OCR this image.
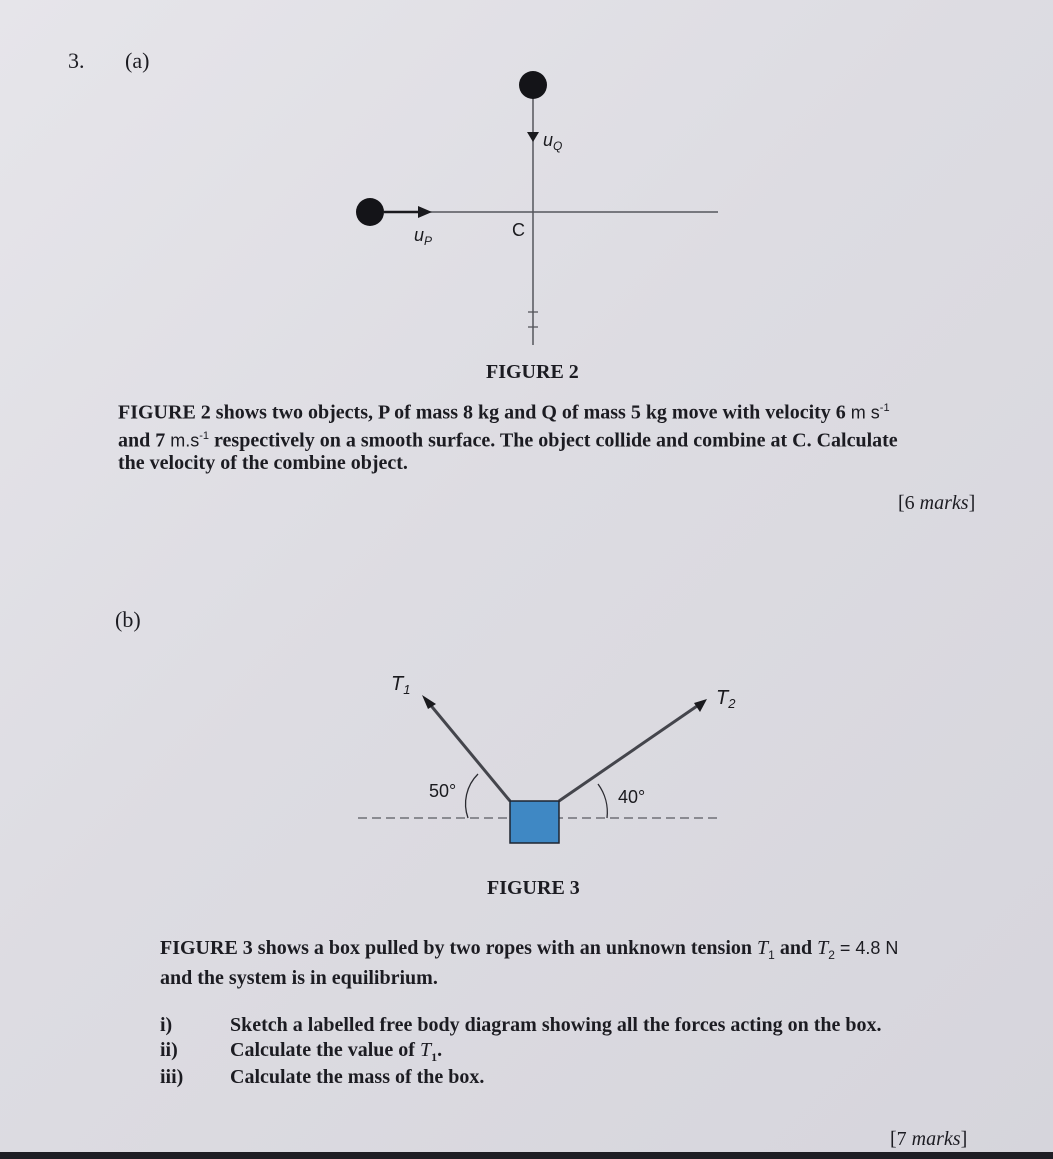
3. (a)
$u_Q$
$u_P$
C
FIGURE 2
FIGURE 2 shows two objects, P of mass 8 kg and Q of mass 5 kg move with velocity 6 m $s^{-1}$
and 7 $m.s^{-1}$ respectively on a smooth surface. The object collide and combine at C. Calculate
the velocity of the combine object.
[6 marks]
(b)
$T_1$	$T_2$
50°	40°
FIGURE 3
FIGURE 3 shows a box pulled by two ropes with an unknown tension $T_1$ and $T_2 = 4.8$ N
and the system is in equilibrium.
i)	Sketch a labelled free body diagram showing all the forces acting on the box.
ii)	Calculate the value of $T_1$.
iii) Calculate the mass of the box.
[7 marks]
